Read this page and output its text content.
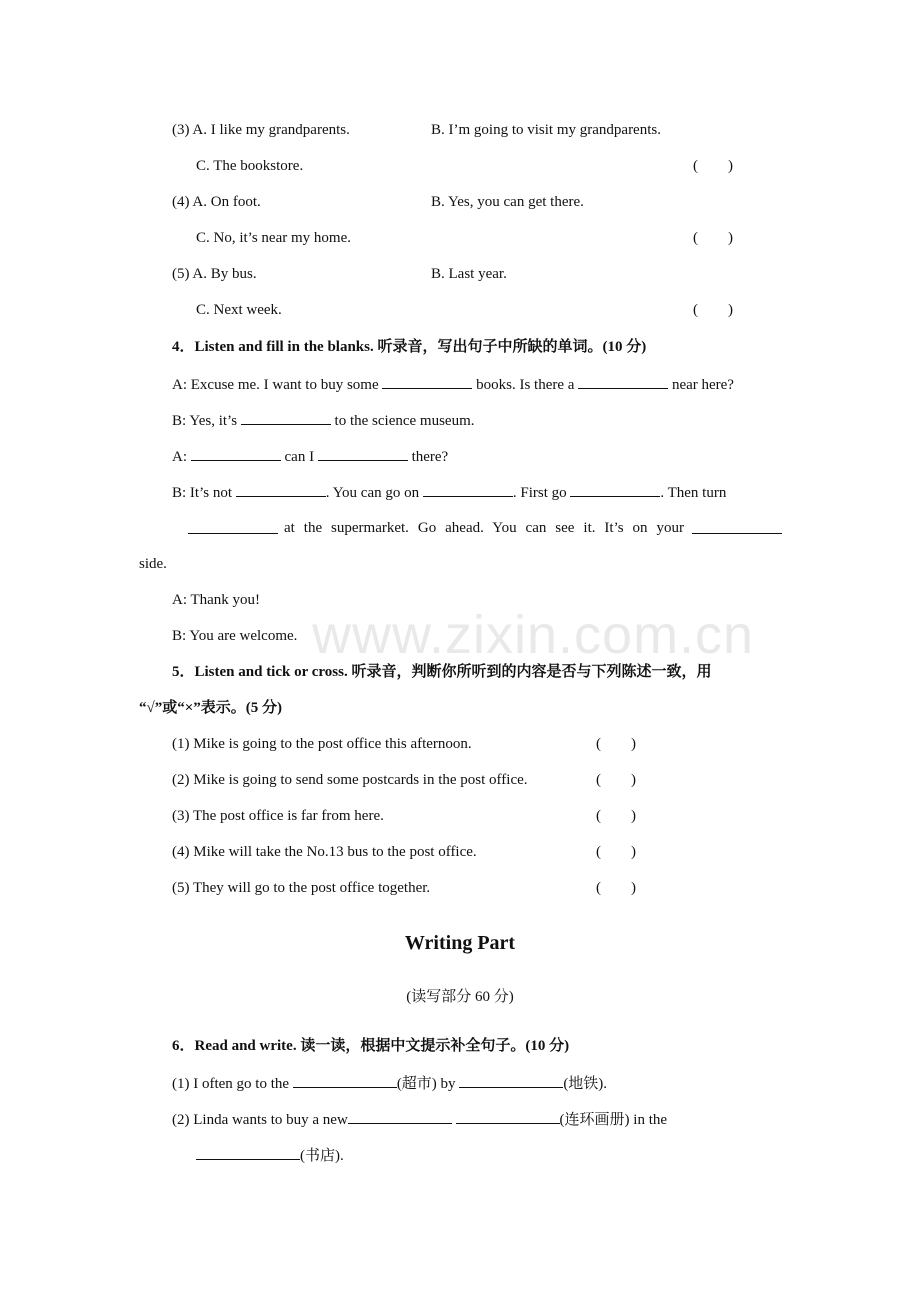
(3) A. I like my grandparents.	B. I’m going to visit my grandparents.
C. The bookstore.	(　　)
(4) A. On foot.	B. Yes, you can get there.
C. No, it’s near my home.	(　　)
(5) A. By bus.	B. Last year.
C. Next week.	(　　)
4．Listen and fill in the blanks. 听录音，写出句子中所缺的单词。(10 分)
A: Excuse me. I want to buy some	books. Is there a	near here?
B: Yes, it’s	to the science museum.
A:	can I	there?
B: It’s not	. You can go on	. First go	. Then turn
at the supermarket. Go ahead. You can see it. It’s on your
side.
A: Thank you!
B: You are welcome. www.zixin.com.cn
5．Listen and tick or cross. 听录音，判断你所听到的内容是否与下列陈述一致，用
“√”或“×”表示。(5 分)
(1) Mike is going to the post office this afternoon.	(　　)
(2) Mike is going to send some postcards in the post office.	(　　)
(3) The post office is far from here.	(　　)
(4) Mike will take the No.13 bus to the post office.	(　　)
(5) They will go to the post office together.	(　　)
Writing Part
(读写部分 60 分)
6．Read and write. 读一读，根据中文提示补全句子。(10 分)
(1) I often go to the	(超市) by	(地铁).
(2) Linda wants to buy a new	(连环画册) in the
(书店).
